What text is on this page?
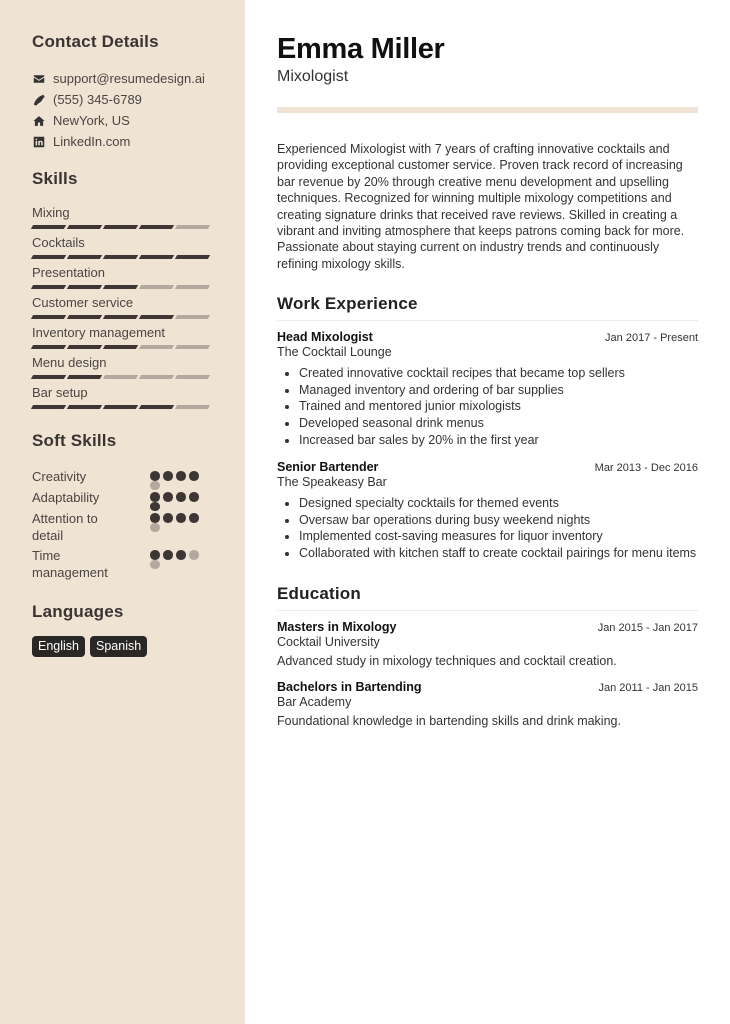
Contact Details
support@resumedesign.ai
(555) 345-6789
NewYork, US
LinkedIn.com
Skills
Mixing
Cocktails
Presentation
Customer service
Inventory management
Menu design
Bar setup
Soft Skills
Creativity
Adaptability
Attention to detail
Time management
Languages
English	Spanish
Emma Miller
Mixologist

Experienced Mixologist with 7 years of crafting innovative cocktails and providing exceptional customer service. Proven track record of increasing bar revenue by 20% through creative menu development and upselling techniques. Recognized for winning multiple mixology competitions and creating signature drinks that received rave reviews. Skilled in creating a vibrant and inviting atmosphere that keeps patrons coming back for more. Passionate about staying current on industry trends and continuously refining mixology skills.

Work Experience
Head Mixologist	Jan 2017 - Present
The Cocktail Lounge
• Created innovative cocktail recipes that became top sellers
• Managed inventory and ordering of bar supplies
• Trained and mentored junior mixologists
• Developed seasonal drink menus
• Increased bar sales by 20% in the first year
Senior Bartender	Mar 2013 - Dec 2016
The Speakeasy Bar
• Designed specialty cocktails for themed events
• Oversaw bar operations during busy weekend nights
• Implemented cost-saving measures for liquor inventory
• Collaborated with kitchen staff to create cocktail pairings for menu items
Education
Masters in Mixology	Jan 2015 - Jan 2017
Cocktail University
Advanced study in mixology techniques and cocktail creation.
Bachelors in Bartending	Jan 2011 - Jan 2015
Bar Academy
Foundational knowledge in bartending skills and drink making.
